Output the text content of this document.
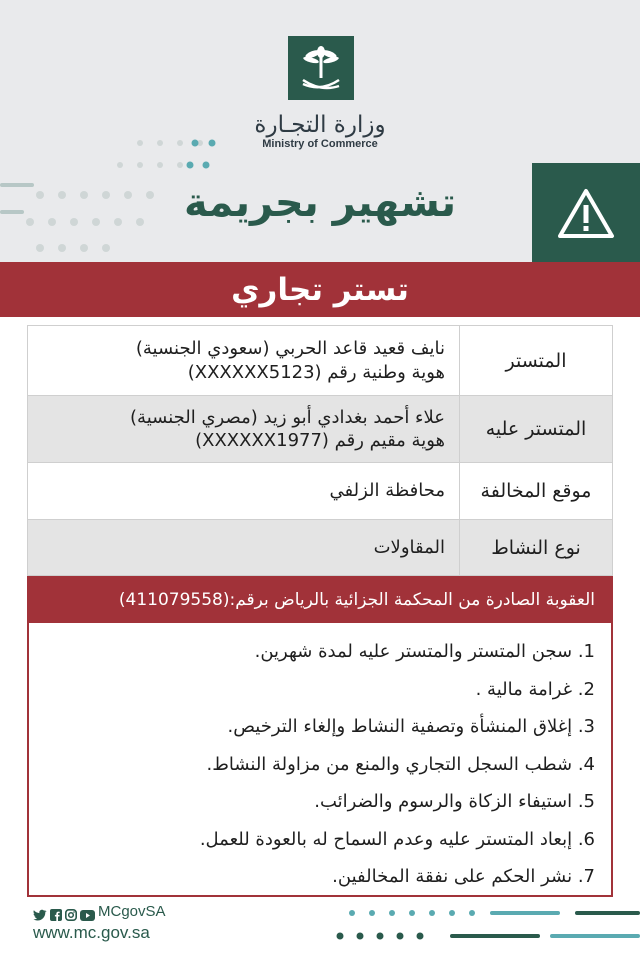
وزارة التجـارة
Ministry of Commerce
تشهير بجريمة
تستر تجاري
المتستر	نايف قعيد قاعد الحربي (سعودي الجنسية)
هوية وطنية رقم (XXXXXX5123)

المتستر عليه	علاء أحمد بغدادي أبو زيد (مصري الجنسية)
هوية مقيم رقم (XXXXXX1977)

موقع المخالفة	محافظة الزلفي
نوع النشاط	المقاولات
العقوبة الصادرة من المحكمة الجزائية بالرياض برقم:(411079558)
1. سجن المتستر والمتستر عليه لمدة شهرين.
2. غرامة مالية .
3. إغلاق المنشأة وتصفية النشاط وإلغاء الترخيص.
4. شطب السجل التجاري والمنع من مزاولة النشاط.
5. استيفاء الزكاة والرسوم والضرائب.
6. إبعاد المتستر عليه وعدم السماح له بالعودة للعمل.
7. نشر الحكم على نفقة المخالفين.
MCgovSA
www.mc.gov.sa
